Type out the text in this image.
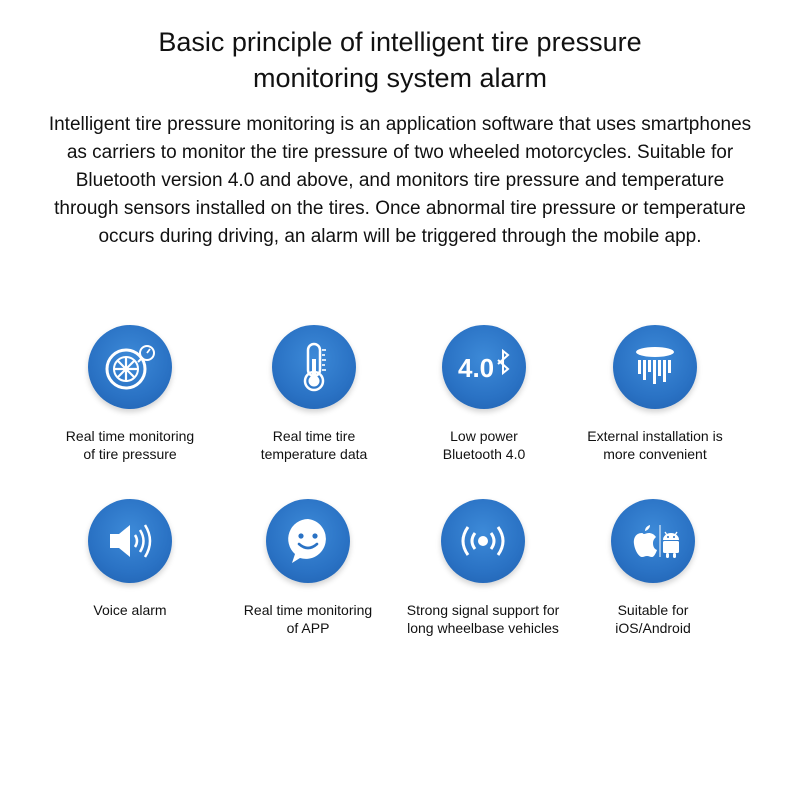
Basic principle of intelligent tire pressure
monitoring system alarm
Intelligent tire pressure monitoring is an application software that uses smartphones
as carriers to monitor the tire pressure of two wheeled motorcycles. Suitable for
Bluetooth version 4.0 and above, and monitors tire pressure and temperature
through sensors installed on the tires. Once abnormal tire pressure or temperature
occurs during driving, an alarm will be triggered through the mobile app.
Real time monitoring
of tire pressure
Real time tire
temperature data
4.0
Low power
Bluetooth 4.0
External installation is
more convenient
Voice alarm	Real time monitoring
of APP
Strong signal support for
long wheelbase vehicles
Suitable for
iOS/Android
